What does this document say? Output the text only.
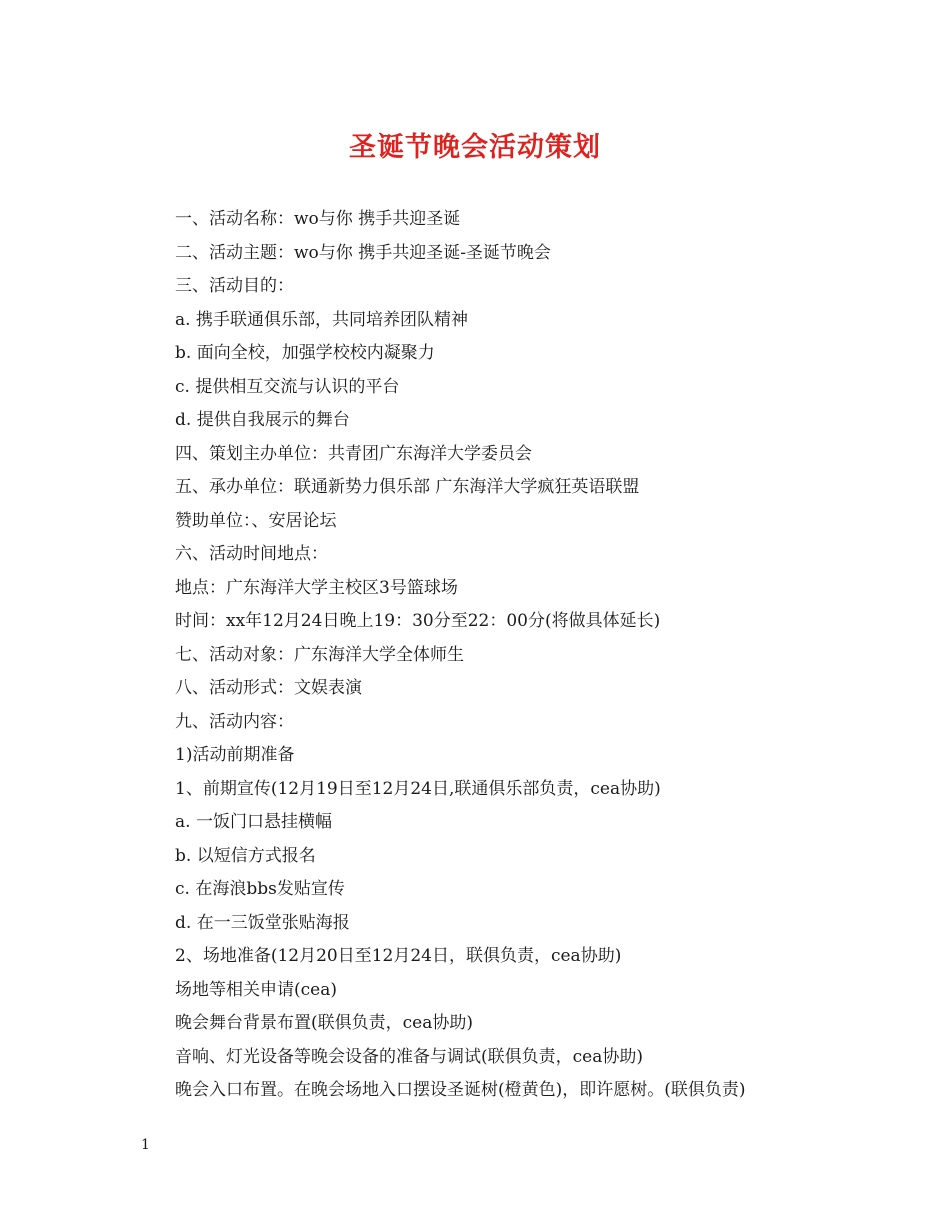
圣诞节晚会活动策划
一、活动名称：wo与你 携手共迎圣诞
二、活动主题：wo与你 携手共迎圣诞-圣诞节晚会
三、活动目的：
a. 携手联通俱乐部，共同培养团队精神
b. 面向全校，加强学校校内凝聚力
c. 提供相互交流与认识的平台
d. 提供自我展示的舞台
四、策划主办单位：共青团广东海洋大学委员会
五、承办单位：联通新势力俱乐部 广东海洋大学疯狂英语联盟
赞助单位：、安居论坛
六、活动时间地点：
地点：广东海洋大学主校区3号篮球场
时间：xx年12月24日晚上19：30分至22：00分(将做具体延长)
七、活动对象：广东海洋大学全体师生
八、活动形式：文娱表演
九、活动内容：
1)活动前期准备
1、前期宣传(12月19日至12月24日,联通俱乐部负责，cea协助)
a. 一饭门口悬挂横幅
b. 以短信方式报名
c. 在海浪bbs发贴宣传
d. 在一三饭堂张贴海报
2、场地准备(12月20日至12月24日，联俱负责，cea协助)
场地等相关申请(cea)
晚会舞台背景布置(联俱负责，cea协助)
音响、灯光设备等晚会设备的准备与调试(联俱负责，cea协助)
晚会入口布置。在晚会场地入口摆设圣诞树(橙黄色)，即许愿树。(联俱负责)
1
